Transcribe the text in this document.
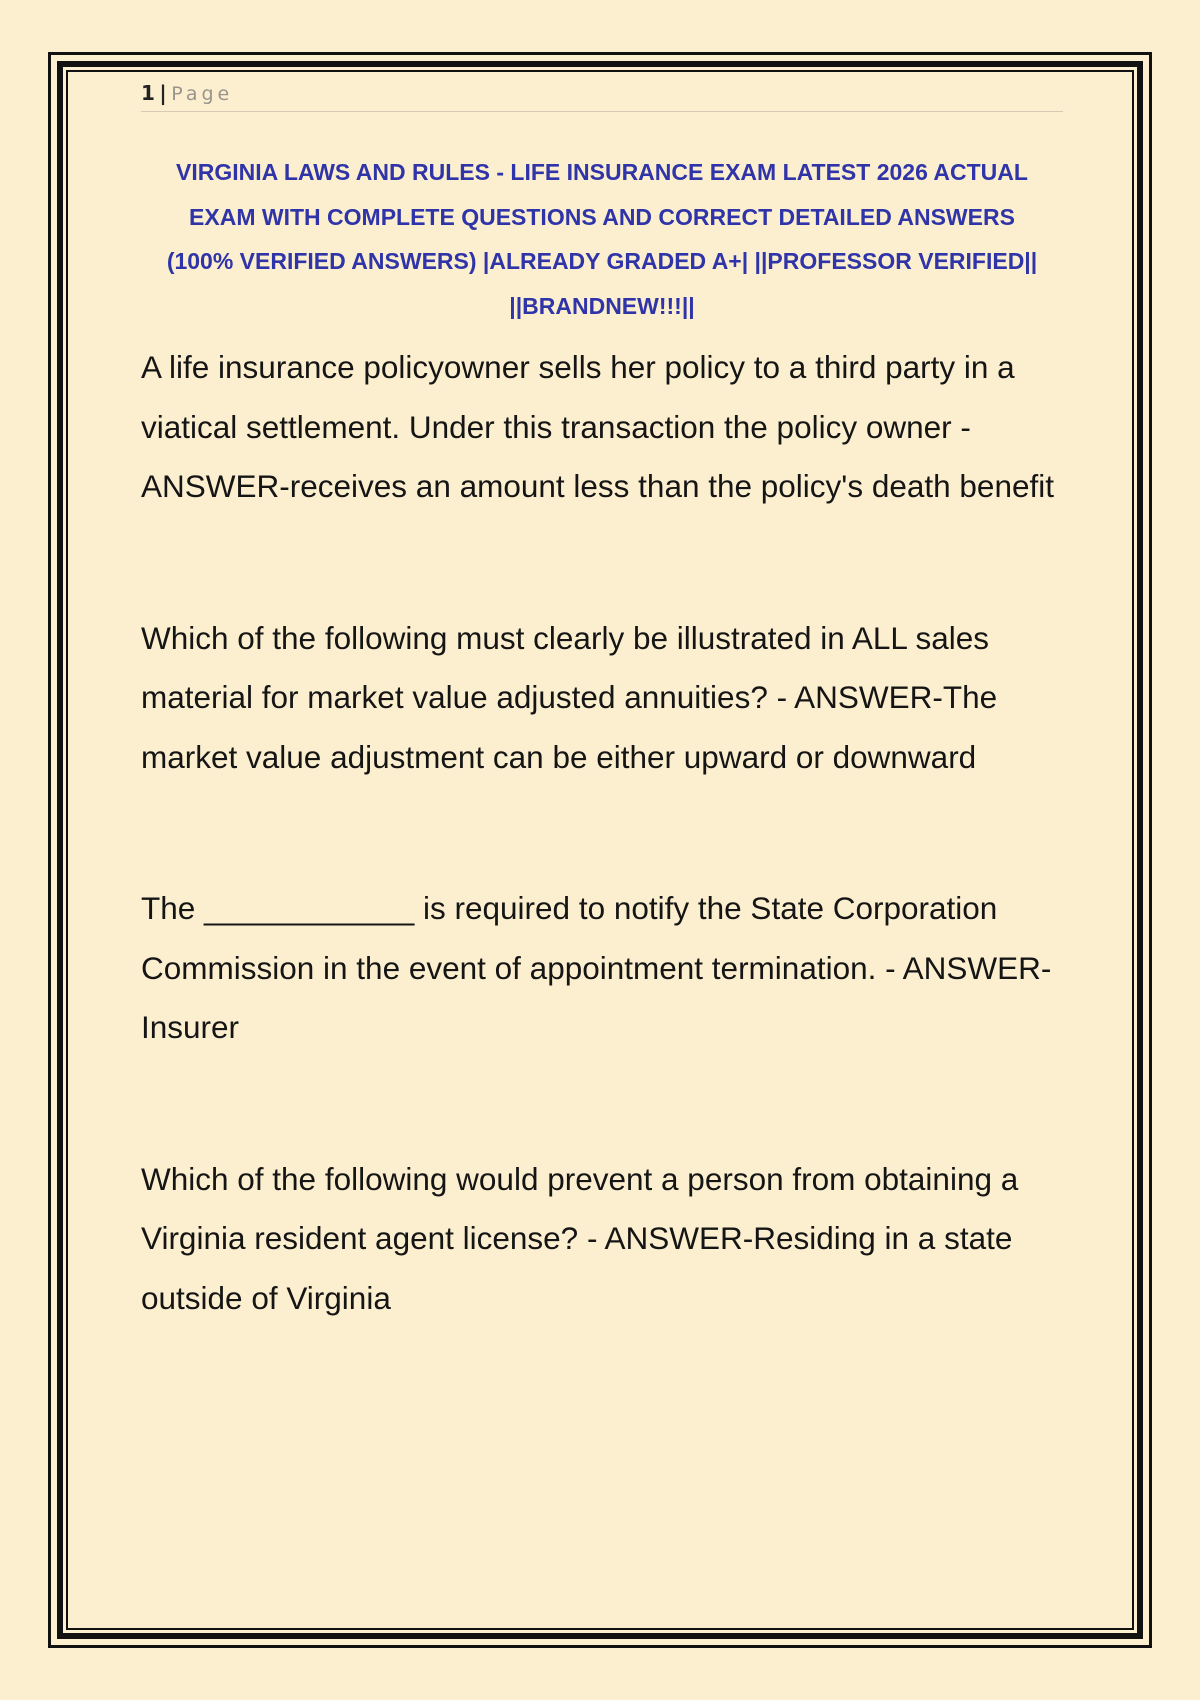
1 | Page
VIRGINIA LAWS AND RULES - LIFE INSURANCE EXAM LATEST 2026 ACTUAL
EXAM WITH COMPLETE QUESTIONS AND CORRECT DETAILED ANSWERS
(100% VERIFIED ANSWERS) |ALREADY GRADED A+| ||PROFESSOR VERIFIED||
||BRANDNEW!!!||
A life insurance policyowner sells her policy to a third party in a
viatical settlement. Under this transaction the policy owner -
ANSWER-receives an amount less than the policy's death benefit
Which of the following must clearly be illustrated in ALL sales
material for market value adjusted annuities? - ANSWER-The
market value adjustment can be either upward or downward
The ____________ is required to notify the State Corporation
Commission in the event of appointment termination. - ANSWER-
Insurer
Which of the following would prevent a person from obtaining a
Virginia resident agent license? - ANSWER-Residing in a state
outside of Virginia
